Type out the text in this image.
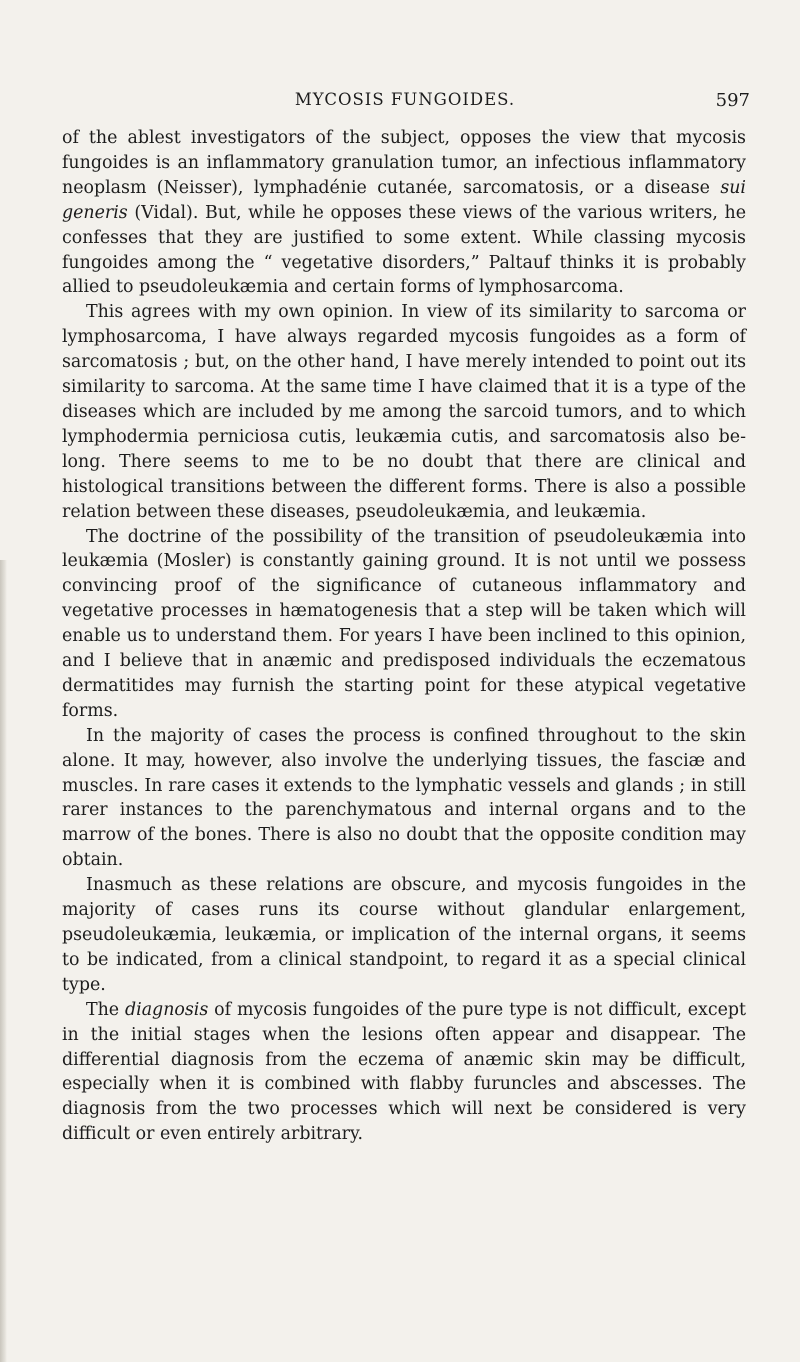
MYCOSIS FUNGOIDES.	597

of the ablest investigators of the subject, opposes the view that mycosis fungoides is an inflammatory granulation tumor, an infectious inflammatory neoplasm (Neisser), lymphadénie cutanée, sarcomatosis, or a disease sui generis (Vidal). But, while he opposes these views of the various writers, he confesses that they are justified to some extent. While classing mycosis fungoides among the “ vegetative disorders,” Paltauf thinks it is probably allied to pseudoleukæmia and certain forms of lymphosarcoma.

This agrees with my own opinion. In view of its similarity to sarcoma or lymphosarcoma, I have always regarded mycosis fungoides as a form of sarcomatosis ; but, on the other hand, I have merely intended to point out its similarity to sarcoma. At the same time I have claimed that it is a type of the diseases which are included by me among the sarcoid tumors, and to which lymphodermia perniciosa cutis, leukæmia cutis, and sarcomatosis also belong. There seems to me to be no doubt that there are clinical and histological transitions between the different forms. There is also a possible relation between these diseases, pseudoleukæmia, and leukæmia.

The doctrine of the possibility of the transition of pseudoleukæmia into leukæmia (Mosler) is constantly gaining ground. It is not until we possess convincing proof of the significance of cutaneous inflammatory and vegetative processes in hæmatogenesis that a step will be taken which will enable us to understand them. For years I have been inclined to this opinion, and I believe that in anæmic and predisposed individuals the eczematous dermatitides may furnish the starting point for these atypical vegetative forms.

In the majority of cases the process is confined throughout to the skin alone. It may, however, also involve the underlying tissues, the fasciæ and muscles. In rare cases it extends to the lymphatic vessels and glands ; in still rarer instances to the parenchymatous and internal organs and to the marrow of the bones. There is also no doubt that the opposite condition may obtain.

Inasmuch as these relations are obscure, and mycosis fungoides in the majority of cases runs its course without glandular enlargement, pseudoleukæmia, leukæmia, or implication of the internal organs, it seems to be indicated, from a clinical standpoint, to regard it as a special clinical type.

The diagnosis of mycosis fungoides of the pure type is not difficult, except in the initial stages when the lesions often appear and disappear. The differential diagnosis from the eczema of anæmic skin may be difficult, especially when it is combined with flabby furuncles and abscesses. The diagnosis from the two processes which will next be considered is very difficult or even entirely arbitrary.
